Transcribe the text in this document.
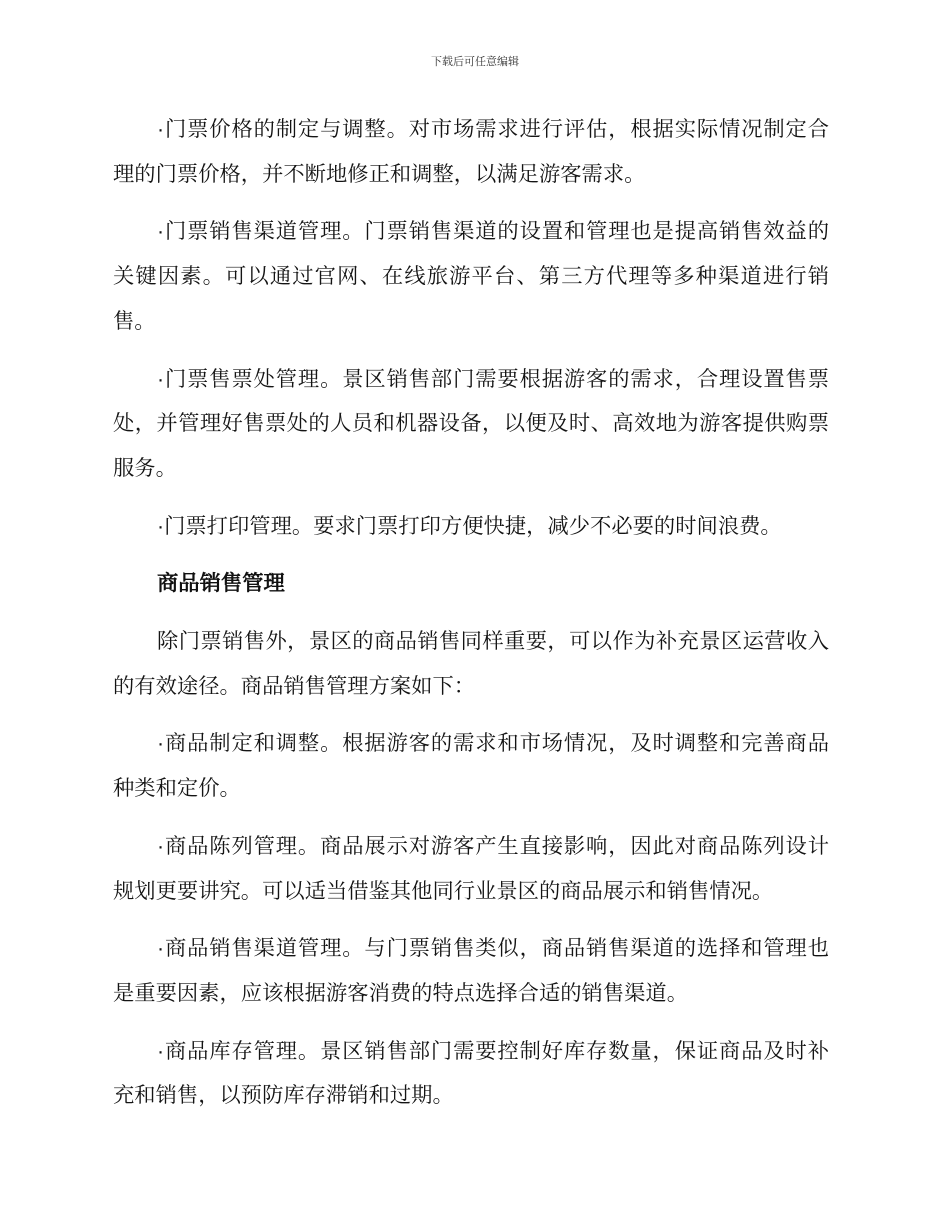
下载后可任意编辑
·门票价格的制定与调整。对市场需求进行评估，根据实际情况制定合
理的门票价格，并不断地修正和调整，以满足游客需求。
·门票销售渠道管理。门票销售渠道的设置和管理也是提高销售效益的
关键因素。可以通过官网、在线旅游平台、第三方代理等多种渠道进行销
售。
·门票售票处管理。景区销售部门需要根据游客的需求，合理设置售票
处，并管理好售票处的人员和机器设备，以便及时、高效地为游客提供购票
服务。
·门票打印管理。要求门票打印方便快捷，减少不必要的时间浪费。
商品销售管理
除门票销售外，景区的商品销售同样重要，可以作为补充景区运营收入
的有效途径。商品销售管理方案如下：
·商品制定和调整。根据游客的需求和市场情况，及时调整和完善商品
种类和定价。
·商品陈列管理。商品展示对游客产生直接影响，因此对商品陈列设计
规划更要讲究。可以适当借鉴其他同行业景区的商品展示和销售情况。
·商品销售渠道管理。与门票销售类似，商品销售渠道的选择和管理也
是重要因素，应该根据游客消费的特点选择合适的销售渠道。
·商品库存管理。景区销售部门需要控制好库存数量，保证商品及时补
充和销售，以预防库存滞销和过期。
